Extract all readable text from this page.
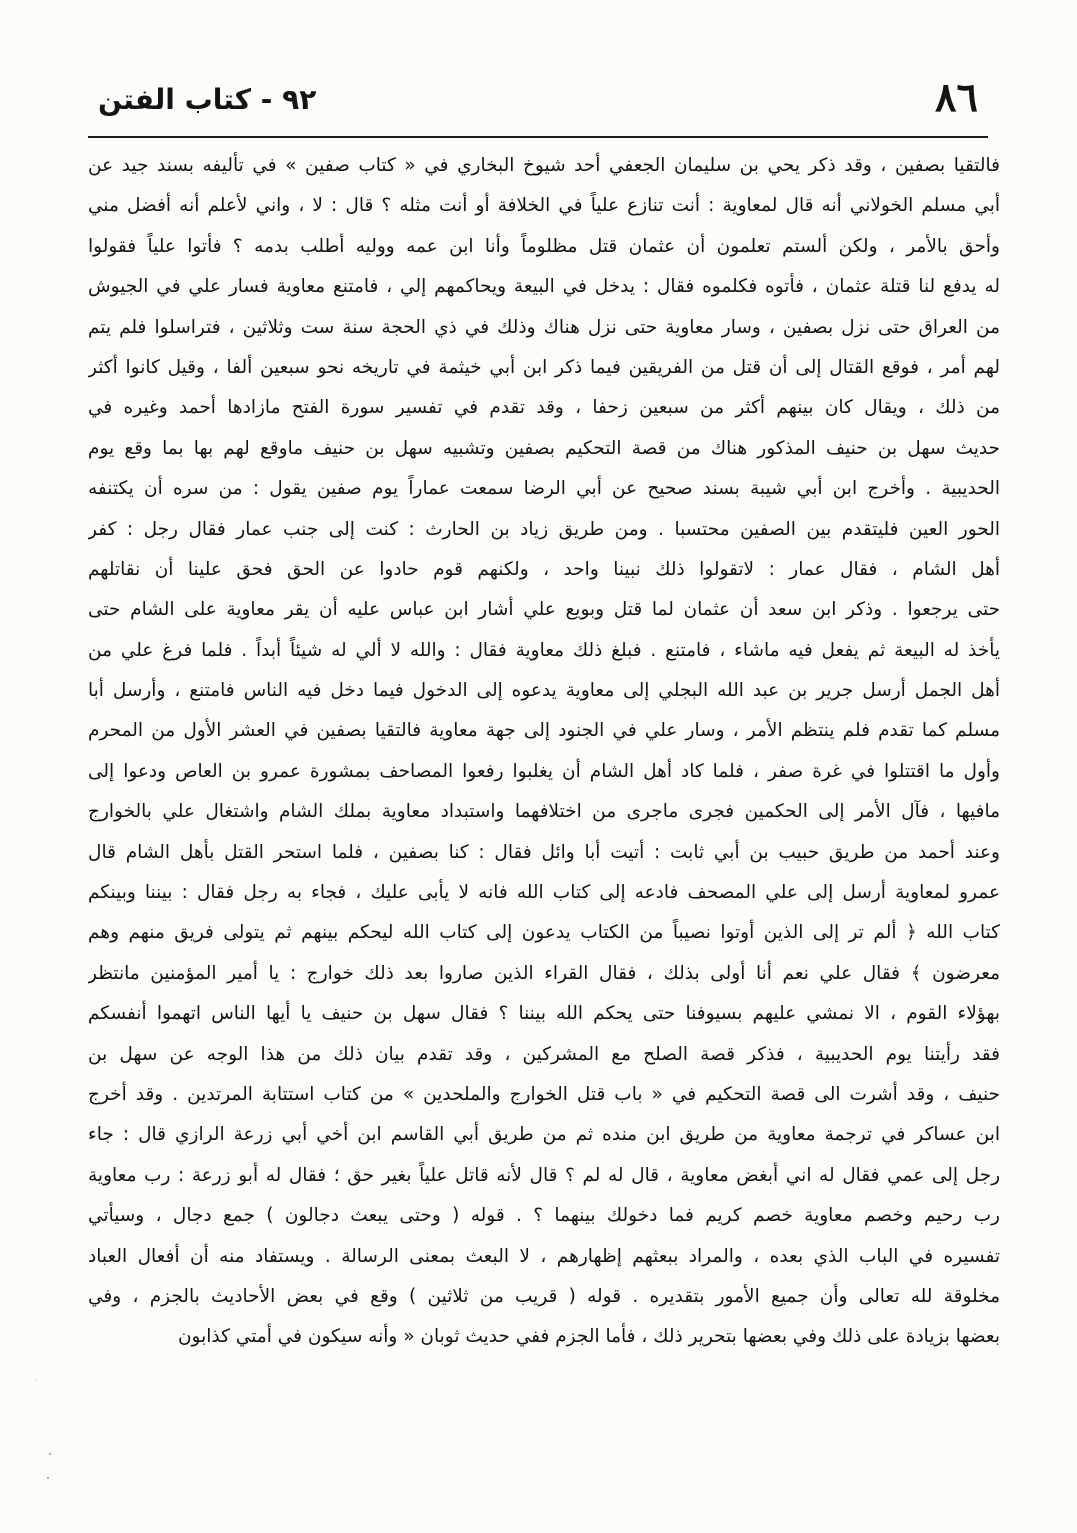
٨٦
٩٢ - كتاب الفتن
فالتقيا بصفين ، وقد ذكر يحي بن سليمان الجعفي أحد شيوخ البخاري في « كتاب صفين » في تأليفه بسند جيد عن
أبي مسلم الخولاني أنه قال لمعاوية : أنت تنازع علياً في الخلافة أو أنت مثله ؟ قال : لا ، واني لأعلم أنه أفضل مني
وأحق بالأمر ، ولكن ألستم تعلمون أن عثمان قتل مظلوماً وأنا ابن عمه ووليه أطلب بدمه ؟ فأتوا علياً فقولوا
له يدفع لنا قتلة عثمان ، فأتوه فكلموه فقال : يدخل في البيعة ويحاكمهم إلي ، فامتنع معاوية فسار علي في الجيوش
من العراق حتى نزل بصفين ، وسار معاوية حتى نزل هناك وذلك في ذي الحجة سنة ست وثلاثين ، فتراسلوا فلم يتم
لهم أمر ، فوقع القتال إلى أن قتل من الفريقين فيما ذكر ابن أبي خيثمة في تاريخه نحو سبعين ألفا ، وقيل كانوا أكثر
من ذلك ، ويقال كان بينهم أكثر من سبعين زحفا ، وقد تقدم في تفسير سورة الفتح مازادها أحمد وغيره في
حديث سهل بن حنيف المذكور هناك من قصة التحكيم بصفين وتشبيه سهل بن حنيف ماوقع لهم بها بما وقع يوم
الحديبية . وأخرج ابن أبي شيبة بسند صحيح عن أبي الرضا سمعت عماراً يوم صفين يقول : من سره أن يكتنفه
الحور العين فليتقدم بين الصفين محتسبا . ومن طريق زياد بن الحارث : كنت إلى جنب عمار فقال رجل : كفر
أهل الشام ، فقال عمار : لاتقولوا ذلك نبينا واحد ، ولكنهم قوم حادوا عن الحق فحق علينا أن نقاتلهم
حتى يرجعوا . وذكر ابن سعد أن عثمان لما قتل وبويع علي أشار ابن عباس عليه أن يقر معاوية على الشام حتى
يأخذ له البيعة ثم يفعل فيه ماشاء ، فامتنع . فبلغ ذلك معاوية فقال : والله لا ألي له شيئاً أبداً . فلما فرغ علي من
أهل الجمل أرسل جرير بن عبد الله البجلي إلى معاوية يدعوه إلى الدخول فيما دخل فيه الناس فامتنع ، وأرسل أبا
مسلم كما تقدم فلم ينتظم الأمر ، وسار علي في الجنود إلى جهة معاوية فالتقيا بصفين في العشر الأول من المحرم
وأول ما اقتتلوا في غرة صفر ، فلما كاد أهل الشام أن يغلبوا رفعوا المصاحف بمشورة عمرو بن العاص ودعوا إلى
مافيها ، فآل الأمر إلى الحكمين فجرى ماجرى من اختلافهما واستبداد معاوية بملك الشام واشتغال علي بالخوارج
وعند أحمد من طريق حبيب بن أبي ثابت : أتيت أبا وائل فقال : كنا بصفين ، فلما استحر القتل بأهل الشام قال
عمرو لمعاوية أرسل إلى علي المصحف فادعه إلى كتاب الله فانه لا يأبى عليك ، فجاء به رجل فقال : بيننا وبينكم
كتاب الله ﴿ ألم تر إلى الذين أوتوا نصيباً من الكتاب يدعون إلى كتاب الله ليحكم بينهم ثم يتولى فريق منهم وهم
معرضون ﴾ فقال علي نعم أنا أولى بذلك ، فقال القراء الذين صاروا بعد ذلك خوارج : يا أمير المؤمنين مانتظر
بهؤلاء القوم ، الا نمشي عليهم بسيوفنا حتى يحكم الله بيننا ؟ فقال سهل بن حنيف يا أيها الناس اتهموا أنفسكم
فقد رأيتنا يوم الحديبية ، فذكر قصة الصلح مع المشركين ، وقد تقدم بيان ذلك من هذا الوجه عن سهل بن
حنيف ، وقد أشرت الى قصة التحكيم في « باب قتل الخوارج والملحدين » من كتاب استتابة المرتدين . وقد أخرج
ابن عساكر في ترجمة معاوية من طريق ابن منده ثم من طريق أبي القاسم ابن أخي أبي زرعة الرازي قال : جاء
رجل إلى عمي فقال له اني أبغض معاوية ، قال له لم ؟ قال لأنه قاتل علياً بغير حق ؛ فقال له أبو زرعة : رب معاوية
رب رحيم وخصم معاوية خصم كريم فما دخولك بينهما ؟ . قوله ( وحتى يبعث دجالون ) جمع دجال ، وسيأتي
تفسيره في الباب الذي بعده ، والمراد ببعثهم إظهارهم ، لا البعث بمعنى الرسالة . ويستفاد منه أن أفعال العباد
مخلوقة لله تعالى وأن جميع الأمور بتقديره . قوله ( قريب من ثلاثين ) وقع في بعض الأحاديث بالجزم ، وفي
بعضها بزيادة على ذلك وفي بعضها بتحرير ذلك ، فأما الجزم ففي حديث ثوبان « وأنه سيكون في أمتي كذابون
